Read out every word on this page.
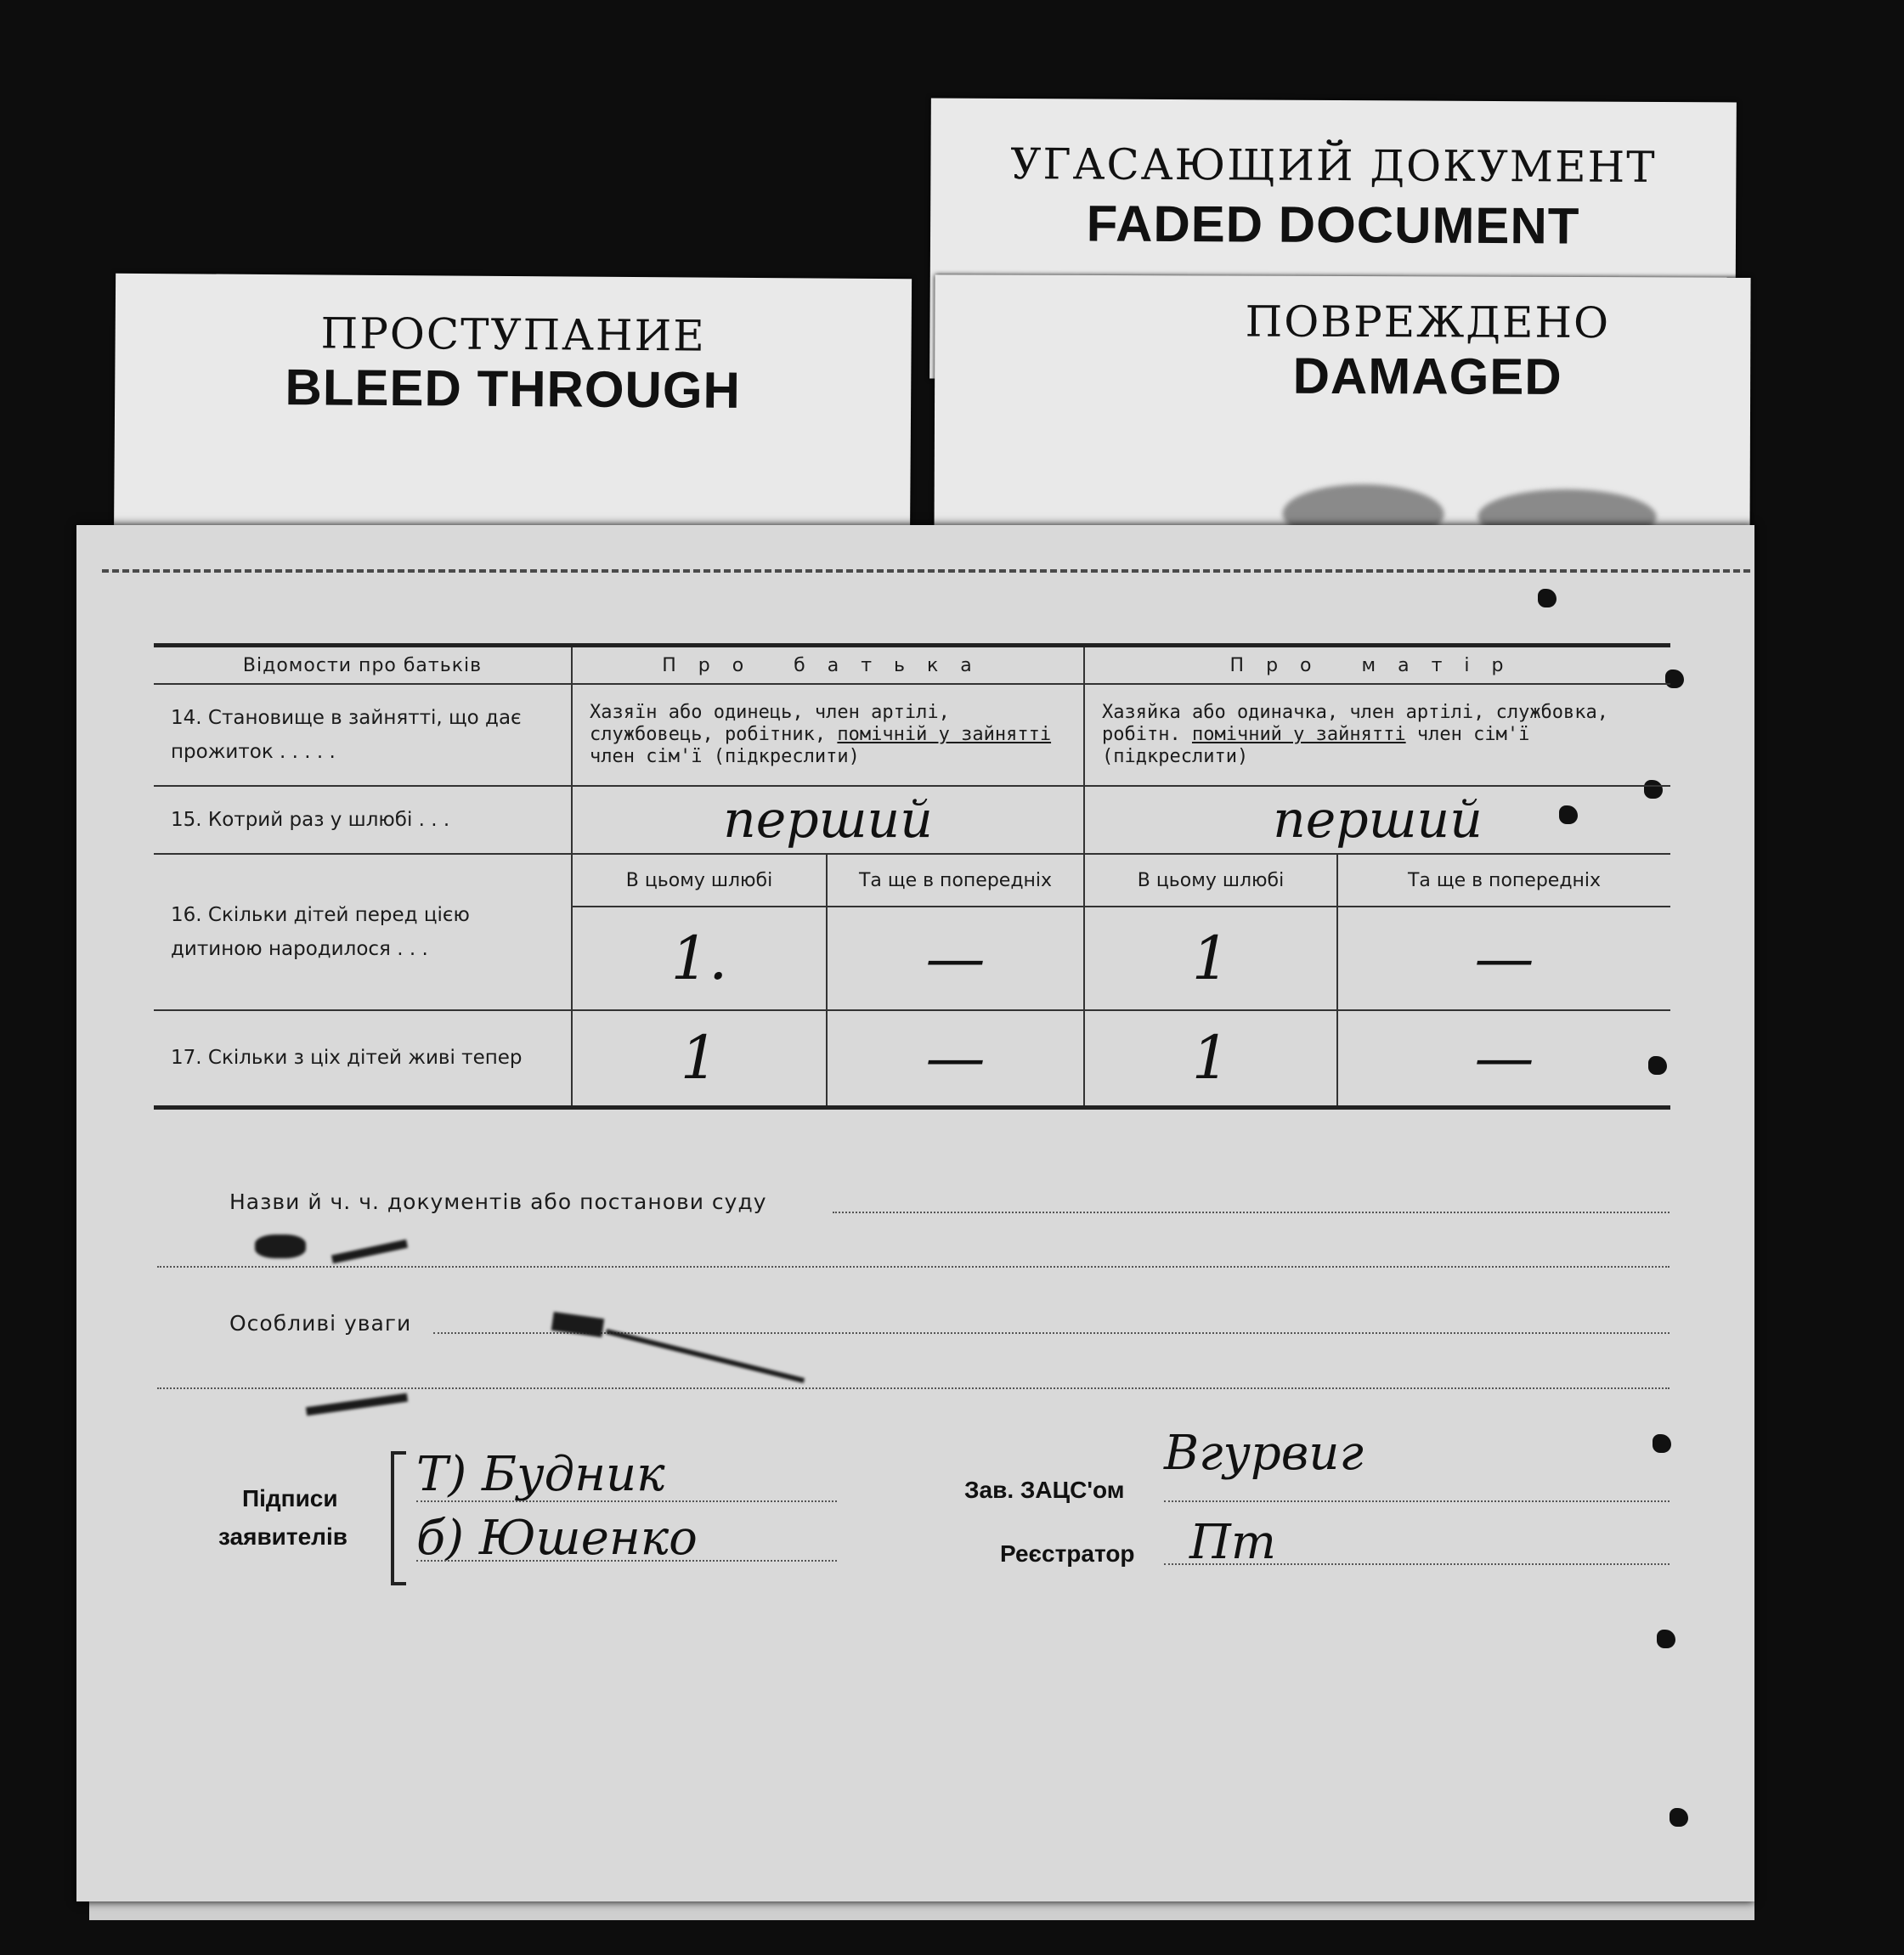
УГАСАЮЩИЙ ДОКУМЕНТ
FADED DOCUMENT
ПРОСТУПАНИЕ
BLEED THROUGH
ПОВРЕЖДЕНО
DAMAGED
Відомости про батьків	Про батька		Про матір	
14. Становище в зайнятті, що дає прожиток . . . . .	Хазяїн або одинець, член артілі, службовець, робітник, помічній у зайнятті член сім'ї (підкреслити)		Хазяйка або одиначка, член артілі, службовка, робітн. помічний у зайнятті член сім'ї (підкреслити)	
15. Котрий раз у шлюбі . . .	перший		перший	
16. Скільки дітей перед цією дитиною народилося . . .	В цьому шлюбі	Та ще в попередніх	В цьому шлюбі	Та ще в попередніх
	1.	—	1	—
17. Скільки з ціх дітей живі тепер	1	—	1	—
Назви й ч. ч. документів або постанови суду
Особливі уваги
Підписи
заявителів
Т) Будник
б) Юшенко
Зав. ЗАЦС'ом
Вгурвиг
Реєстратор Пт
